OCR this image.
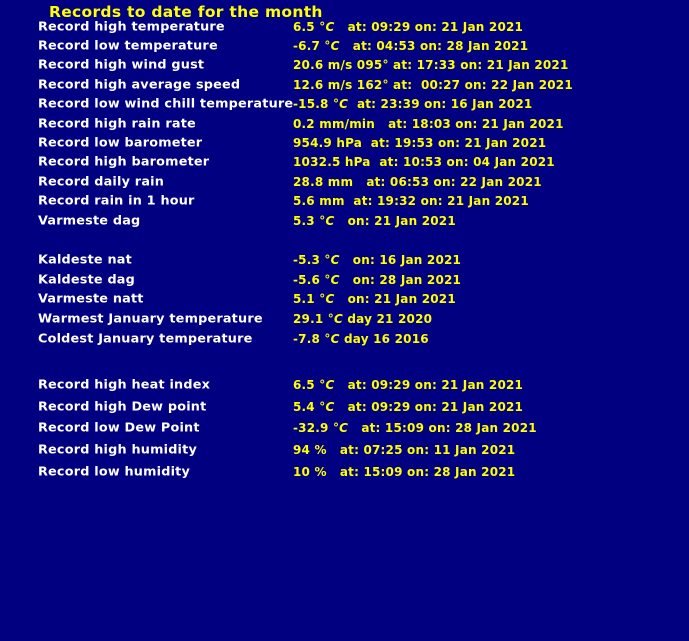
Records to date for the month
Record high temperature	6.5 °C   at: 09:29 on: 21 Jan 2021
Record low temperature	-6.7 °C   at: 04:53 on: 28 Jan 2021
Record high wind gust	20.6 m/s 095° at: 17:33 on: 21 Jan 2021
Record high average speed	12.6 m/s 162° at:  00:27 on: 22 Jan 2021
Record low wind chill temperature -15.8 °C  at: 23:39 on: 16 Jan 2021
Record high rain rate	0.2 mm/min   at: 18:03 on: 21 Jan 2021
Record low barometer	954.9 hPa  at: 19:53 on: 21 Jan 2021
Record high barometer	1032.5 hPa  at: 10:53 on: 04 Jan 2021
Record daily rain	28.8 mm   at: 06:53 on: 22 Jan 2021
Record rain in 1 hour	5.6 mm  at: 19:32 on: 21 Jan 2021
Varmeste dag	5.3 °C   on: 21 Jan 2021
Kaldeste nat	-5.3 °C   on: 16 Jan 2021
Kaldeste dag	-5.6 °C   on: 28 Jan 2021
Varmeste natt	5.1 °C   on: 21 Jan 2021
Warmest January temperature	29.1 °C day 21 2020
Coldest January temperature	-7.8 °C day 16 2016
Record high heat index	6.5 °C   at: 09:29 on: 21 Jan 2021
Record high Dew point	5.4 °C   at: 09:29 on: 21 Jan 2021
Record low Dew Point	-32.9 °C   at: 15:09 on: 28 Jan 2021
Record high humidity	94 %   at: 07:25 on: 11 Jan 2021
Record low humidity	10 %   at: 15:09 on: 28 Jan 2021
